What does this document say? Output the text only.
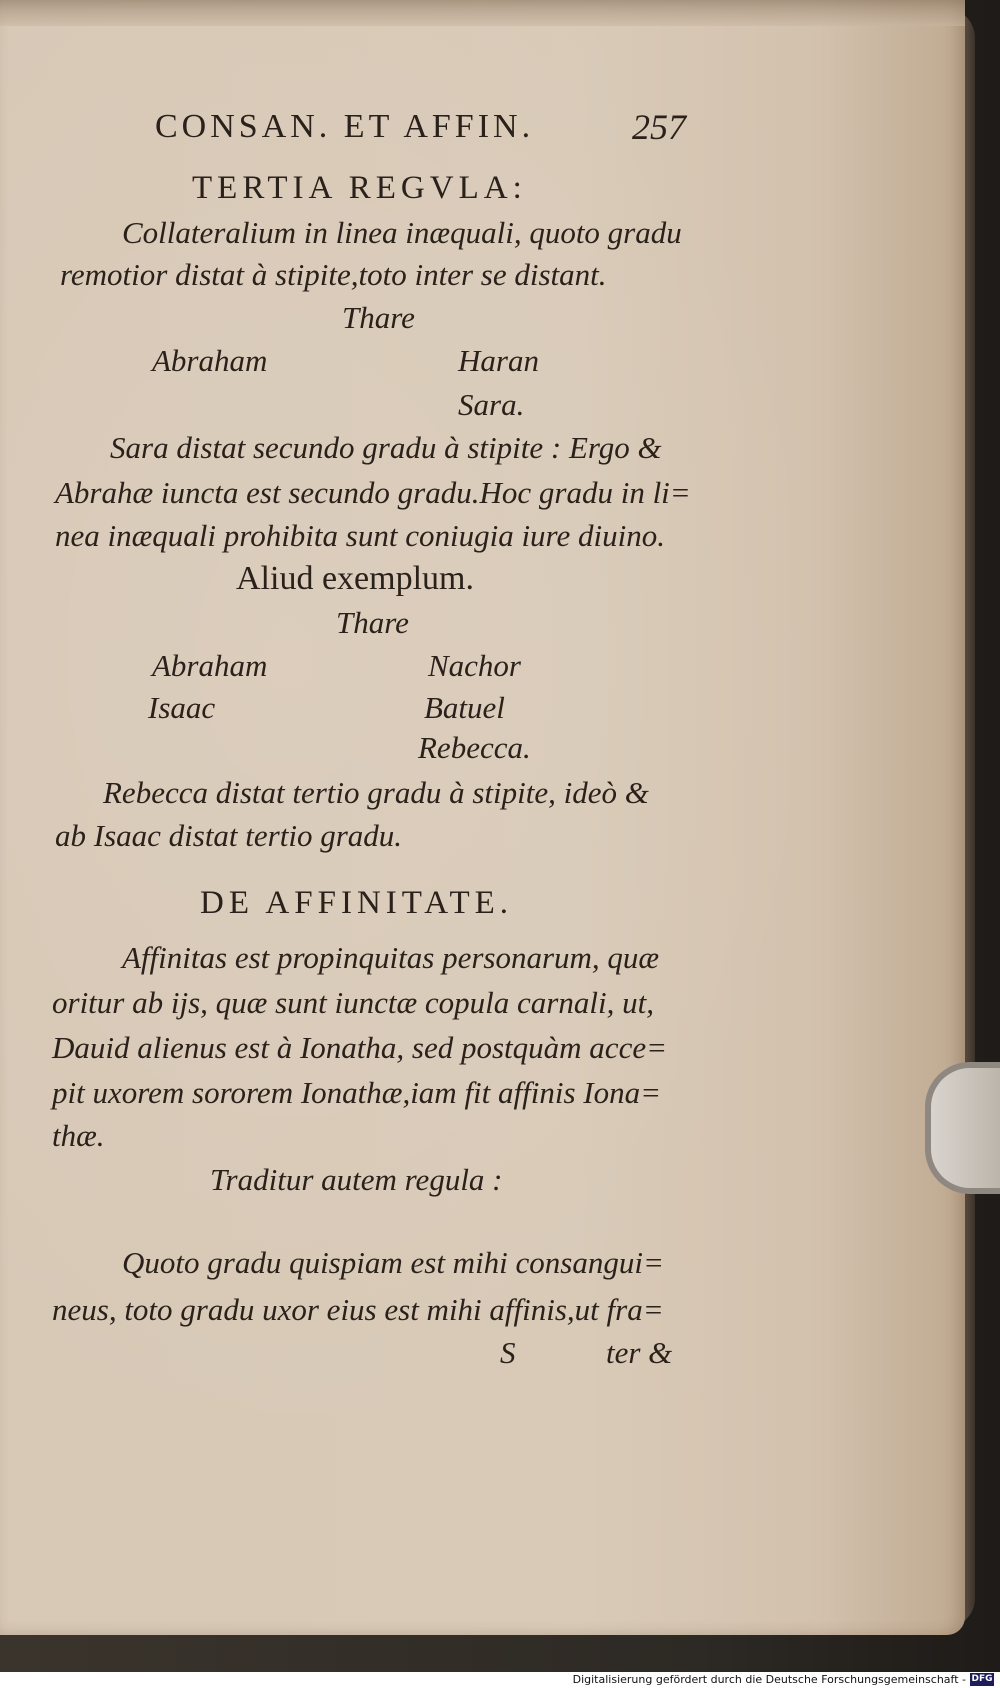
CONSAN. ET AFFIN.	257
TERTIA REGVLA:
Collateralium in linea inæquali, quoto gradu
remotior distat à stipite,toto inter se distant.
Thare
Abraham	Haran
Sara.
Sara distat secundo gradu à stipite : Ergo &
Abrahæ iuncta est secundo gradu.Hoc gradu in li=
nea inæquali prohibita sunt coniugia iure diuino.
Aliud exemplum.
Thare
Abraham	Nachor
Isaac	Batuel
Rebecca.
Rebecca distat tertio gradu à stipite, ideò &
ab Isaac distat tertio gradu.
DE AFFINITATE.
Affinitas est propinquitas personarum, quæ
oritur ab ijs, quæ sunt iunctæ copula carnali, ut,
Dauid alienus est à Ionatha, sed postquàm acce=
pit uxorem sororem Ionathæ,iam fit affinis Iona=
thæ.
Traditur autem regula :
Quoto gradu quispiam est mihi consangui=
neus, toto gradu uxor eius est mihi affinis,ut fra=
S	ter &
Digitalisierung gefördert durch die Deutsche Forschungsgemeinschaft - DFG
